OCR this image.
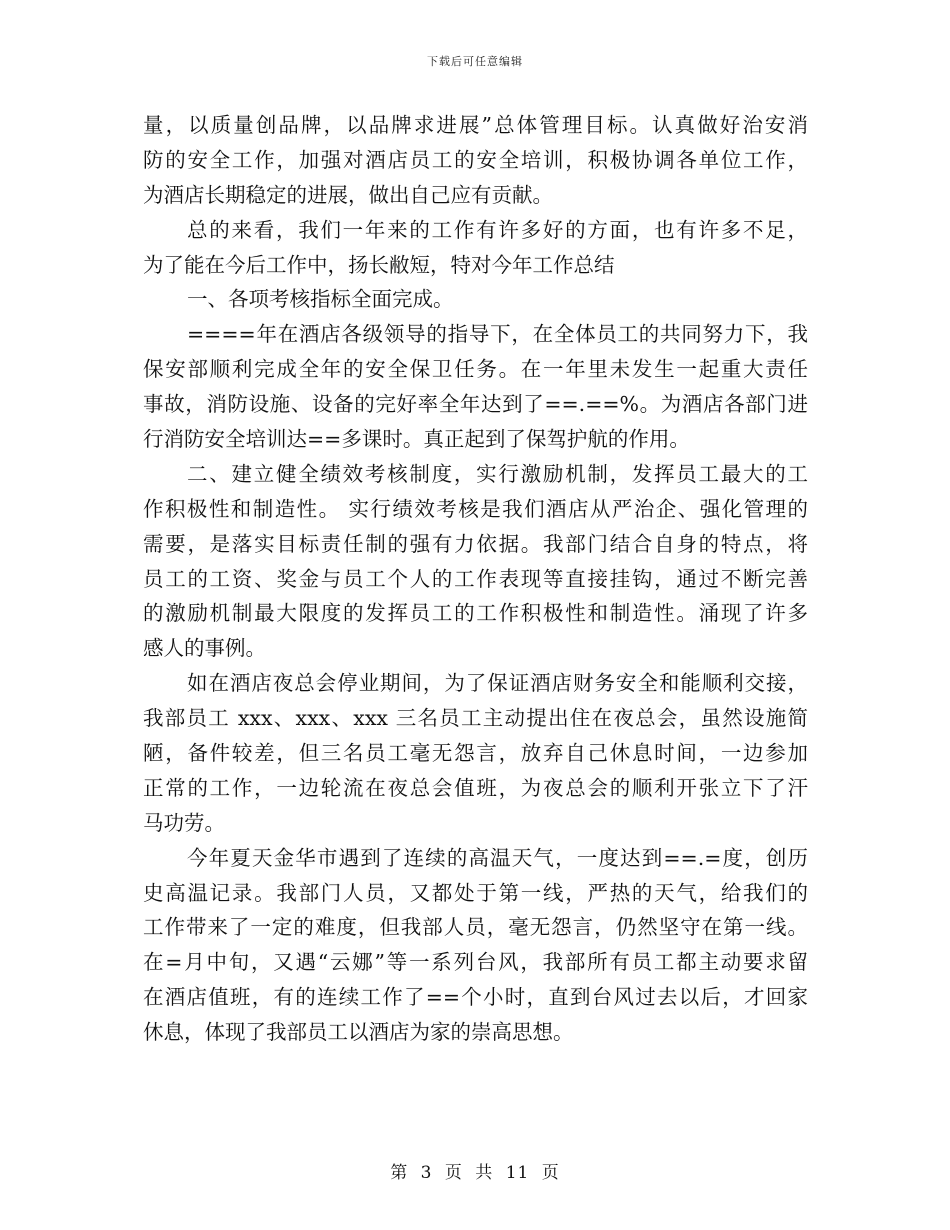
下载后可任意编辑
量，以质量创品牌，以品牌求进展”总体管理目标。认真做好治安消
防的安全工作，加强对酒店员工的安全培训，积极协调各单位工作，
为酒店长期稳定的进展，做出自己应有贡献。
总的来看，我们一年来的工作有许多好的方面，也有许多不足，
为了能在今后工作中，扬长敝短，特对今年工作总结
一、各项考核指标全面完成。
====年在酒店各级领导的指导下，在全体员工的共同努力下，我
保安部顺利完成全年的安全保卫任务。在一年里未发生一起重大责任
事故，消防设施、设备的完好率全年达到了==.==%。为酒店各部门进
行消防安全培训达==多课时。真正起到了保驾护航的作用。
二、建立健全绩效考核制度，实行激励机制，发挥员工最大的工
作积极性和制造性。 实行绩效考核是我们酒店从严治企、强化管理的
需要，是落实目标责任制的强有力依据。我部门结合自身的特点，将
员工的工资、奖金与员工个人的工作表现等直接挂钩，通过不断完善
的激励机制最大限度的发挥员工的工作积极性和制造性。涌现了许多
感人的事例。
如在酒店夜总会停业期间，为了保证酒店财务安全和能顺利交接，
我部员工 xxx、xxx、xxx 三名员工主动提出住在夜总会，虽然设施简
陋，备件较差，但三名员工毫无怨言，放弃自己休息时间，一边参加
正常的工作，一边轮流在夜总会值班，为夜总会的顺利开张立下了汗
马功劳。
今年夏天金华市遇到了连续的高温天气，一度达到==.=度，创历
史高温记录。我部门人员，又都处于第一线，严热的天气，给我们的
工作带来了一定的难度，但我部人员，毫无怨言，仍然坚守在第一线。
在=月中旬，又遇“云娜”等一系列台风，我部所有员工都主动要求留
在酒店值班，有的连续工作了==个小时，直到台风过去以后，才回家
休息，体现了我部员工以酒店为家的崇高思想。
第 3 页 共 11 页
